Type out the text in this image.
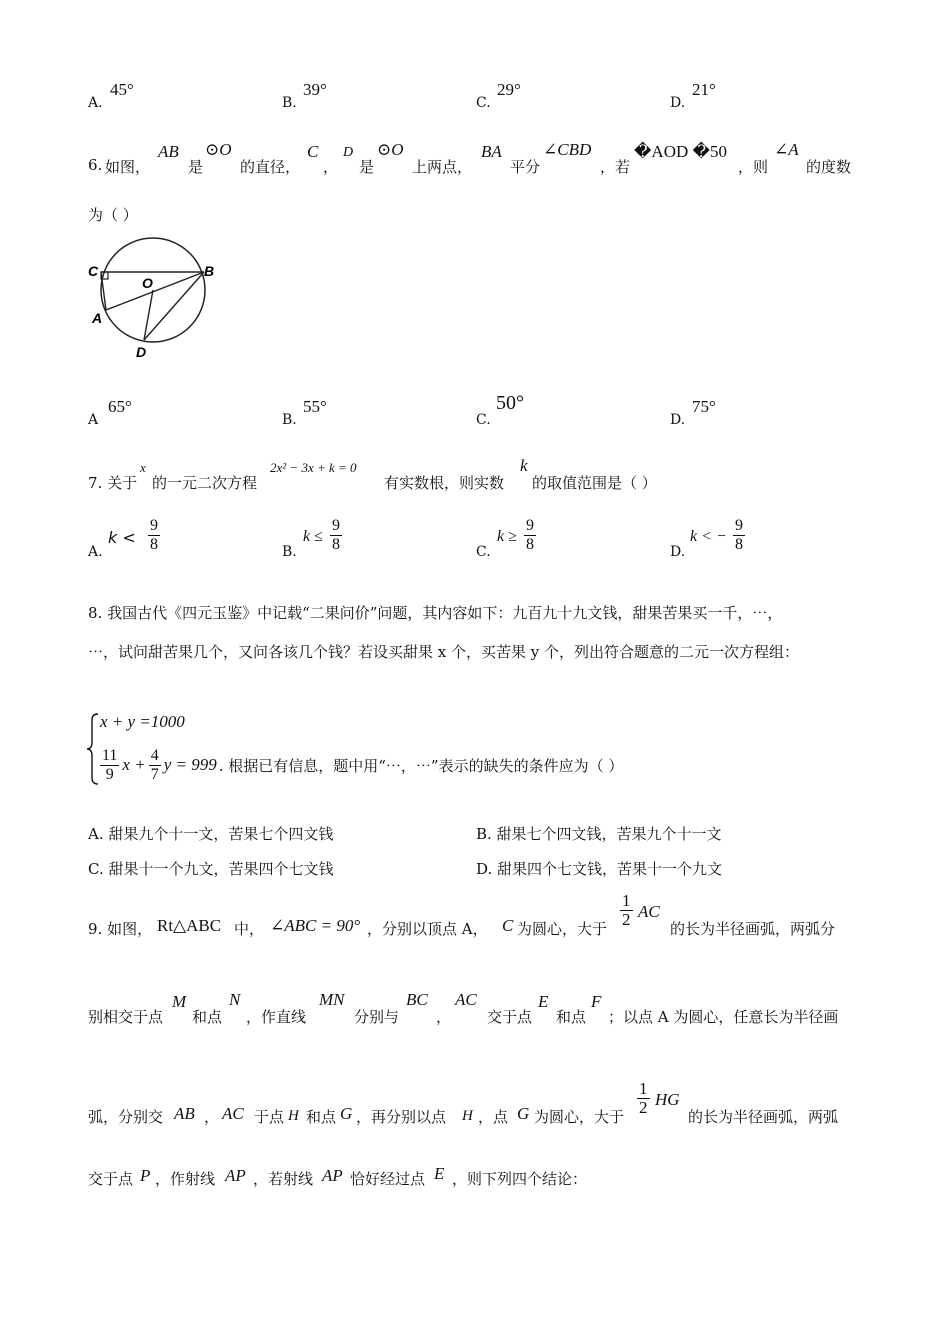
A.
45°
B.
39°
C.
29°
D.
21°
6. 如图，
AB
是
⊙O
的直径，
C
，
D
是
⊙O
上两点，
BA
平分
∠CBD
，若
�AOD �50
，则
∠A
的度数
为（ ）
C
O
B
A
D
A
65°
B.
55°
C.
50°
D.
75°
7. 关于
x
的一元二次方程
2x² − 3x + k = 0
有实数根，则实数
k
的取值范围是（ ）
A.
$k < \frac{9}{8}$	B.
$k \le \frac{9}{8}$	C.
$k \ge \frac{9}{8}$	D.
k < − $\frac{9}{8}$
8. 我国古代《四元玉鉴》中记载“二果问价”问题，其内容如下：九百九十九文钱，甜果苦果买一千，⋯，
⋯，试问甜苦果几个，又问各该几个钱？若设买甜果 x 个，买苦果 y 个，列出符合题意的二元一次方程组：
x + y =1000
$\frac{11}{9}$ $x + \frac{4}{7}$ y = 999 . 根据已有信息，题中用“⋯，⋯”表示的缺失的条件应为（ ）
A. 甜果九个十一文，苦果七个四文钱	B. 甜果七个四文钱，苦果九个十一文
C. 甜果十一个九文，苦果四个七文钱	D. 甜果四个七文钱，苦果十一个九文
9. 如图， Rt△ABC 中， ∠ABC = 90° ，分别以顶点 A， C 为圆心，大于 $\frac{1}{2}$ AC
的长为半径画弧，两弧分
别相交于点
M
和点
N
，作直线
MN
分别与
BC
，
AC
交于点
E
和点
F
；以点 A 为圆心，任意长为半径画
弧，分别交 AB ， AC 于点 H 和点 G ，再分别以点 H ，点 G 为圆心，大于 $\frac{1}{2}$ HG
的长为半径画弧，两弧
交于点 P ，作射线 AP ，若射线 AP 恰好经过点 E ，则下列四个结论：
